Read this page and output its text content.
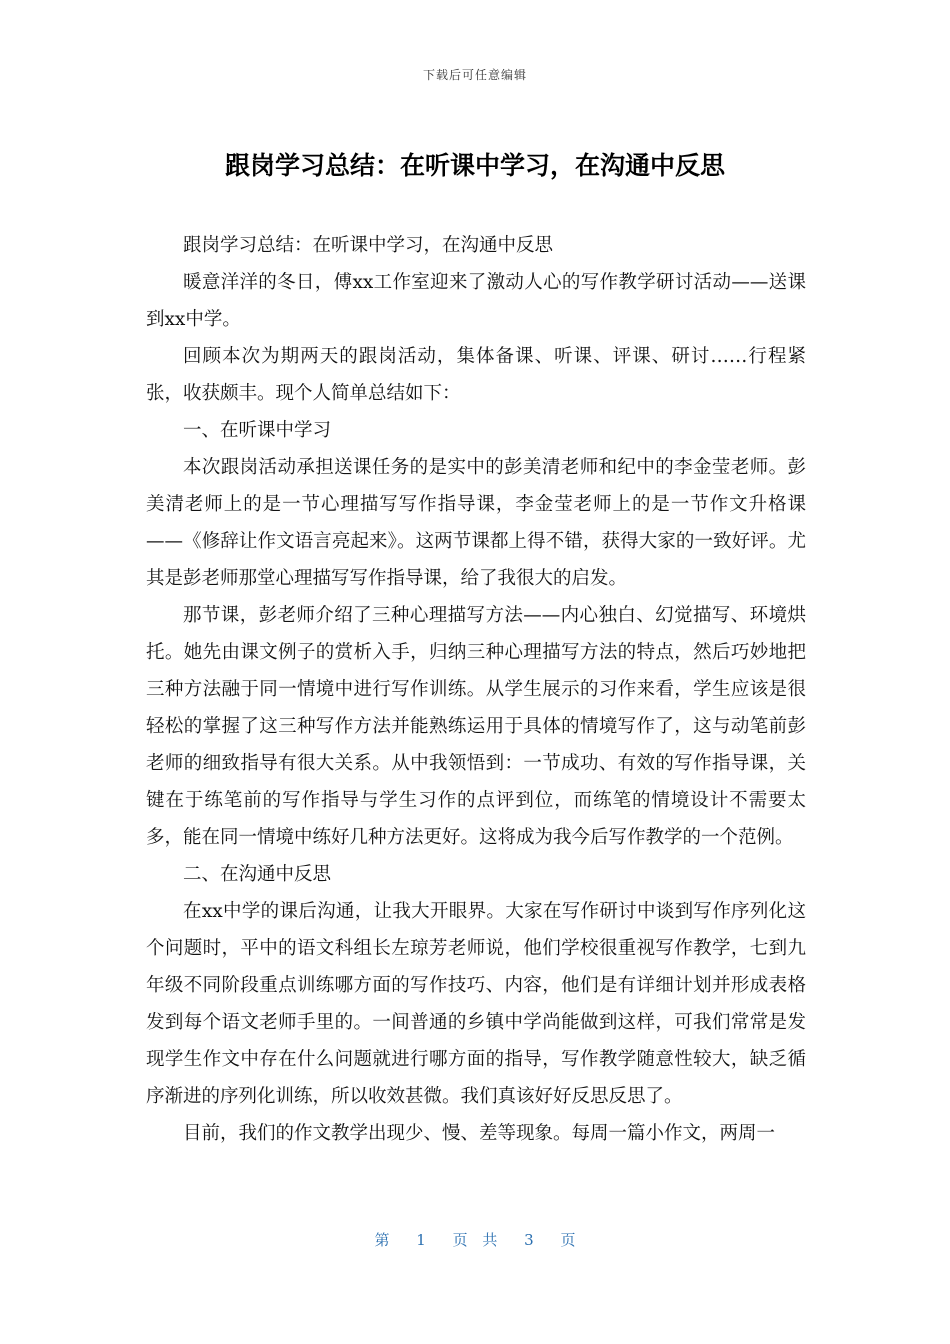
下载后可任意编辑
跟岗学习总结：在听课中学习，在沟通中反思

跟岗学习总结：在听课中学习，在沟通中反思

暖意洋洋的冬日，傅xx工作室迎来了激动人心的写作教学研讨活动——送课到xx中学。

回顾本次为期两天的跟岗活动，集体备课、听课、评课、研讨……行程紧张，收获颇丰。现个人简单总结如下：

一、在听课中学习

本次跟岗活动承担送课任务的是实中的彭美清老师和纪中的李金莹老师。彭美清老师上的是一节心理描写写作指导课，李金莹老师上的是一节作文升格课——《修辞让作文语言亮起来》。这两节课都上得不错，获得大家的一致好评。尤其是彭老师那堂心理描写写作指导课，给了我很大的启发。

那节课，彭老师介绍了三种心理描写方法——内心独白、幻觉描写、环境烘托。她先由课文例子的赏析入手，归纳三种心理描写方法的特点，然后巧妙地把三种方法融于同一情境中进行写作训练。从学生展示的习作来看，学生应该是很轻松的掌握了这三种写作方法并能熟练运用于具体的情境写作了，这与动笔前彭老师的细致指导有很大关系。从中我领悟到：一节成功、有效的写作指导课，关键在于练笔前的写作指导与学生习作的点评到位，而练笔的情境设计不需要太多，能在同一情境中练好几种方法更好。这将成为我今后写作教学的一个范例。

二、在沟通中反思

在xx中学的课后沟通，让我大开眼界。大家在写作研讨中谈到写作序列化这个问题时，平中的语文科组长左琼芳老师说，他们学校很重视写作教学，七到九年级不同阶段重点训练哪方面的写作技巧、内容，他们是有详细计划并形成表格发到每个语文老师手里的。一间普通的乡镇中学尚能做到这样，可我们常常是发现学生作文中存在什么问题就进行哪方面的指导，写作教学随意性较大，缺乏循序渐进的序列化训练，所以收效甚微。我们真该好好反思反思了。

目前，我们的作文教学出现少、慢、差等现象。每周一篇小作文，两周一

第 1 页 共 3 页
